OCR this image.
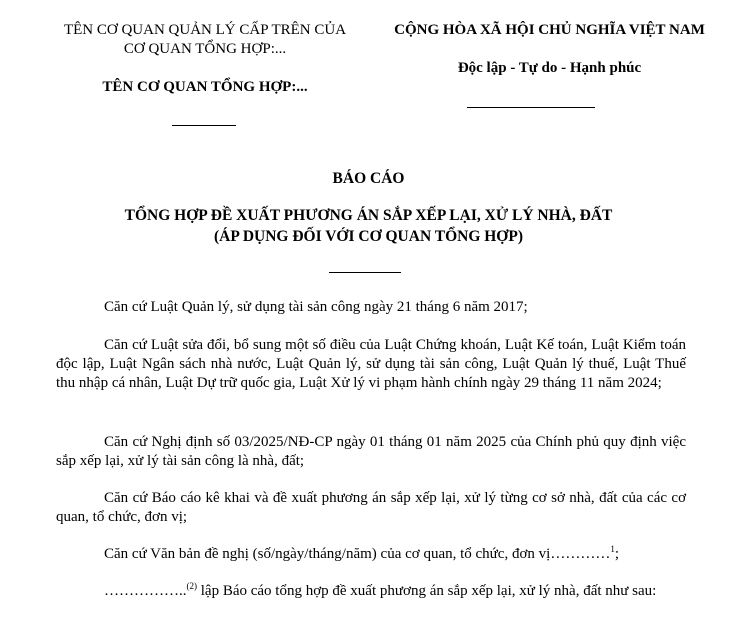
TÊN CƠ QUAN QUẢN LÝ CẤP TRÊN CỦA
CƠ QUAN TỔNG HỢP:...
TÊN CƠ QUAN TỔNG HỢP:...
CỘNG HÒA XÃ HỘI CHỦ NGHĨA VIỆT NAM
Độc lập - Tự do - Hạnh phúc
BÁO CÁO
TỔNG HỢP ĐỀ XUẤT PHƯƠNG ÁN SẮP XẾP LẠI, XỬ LÝ NHÀ, ĐẤT
(ÁP DỤNG ĐỐI VỚI CƠ QUAN TỔNG HỢP)
Căn cứ Luật Quản lý, sử dụng tài sản công ngày 21 tháng 6 năm 2017;
Căn cứ Luật sửa đổi, bổ sung một số điều của Luật Chứng khoán, Luật Kế toán, Luật Kiểm toán độc lập, Luật Ngân sách nhà nước, Luật Quản lý, sử dụng tài sản công, Luật Quản lý thuế, Luật Thuế thu nhập cá nhân, Luật Dự trữ quốc gia, Luật Xử lý vi phạm hành chính ngày 29 tháng 11 năm 2024;
Căn cứ Nghị định số 03/2025/NĐ-CP ngày 01 tháng 01 năm 2025 của Chính phủ quy định việc sắp xếp lại, xử lý tài sản công là nhà, đất;
Căn cứ Báo cáo kê khai và đề xuất phương án sắp xếp lại, xử lý từng cơ sở nhà, đất của các cơ quan, tổ chức, đơn vị;
Căn cứ Văn bản đề nghị (số/ngày/tháng/năm) của cơ quan, tổ chức, đơn vị…………$^1$;
……………..$^{(2)}$ lập Báo cáo tổng hợp đề xuất phương án sắp xếp lại, xử lý nhà, đất như sau:
